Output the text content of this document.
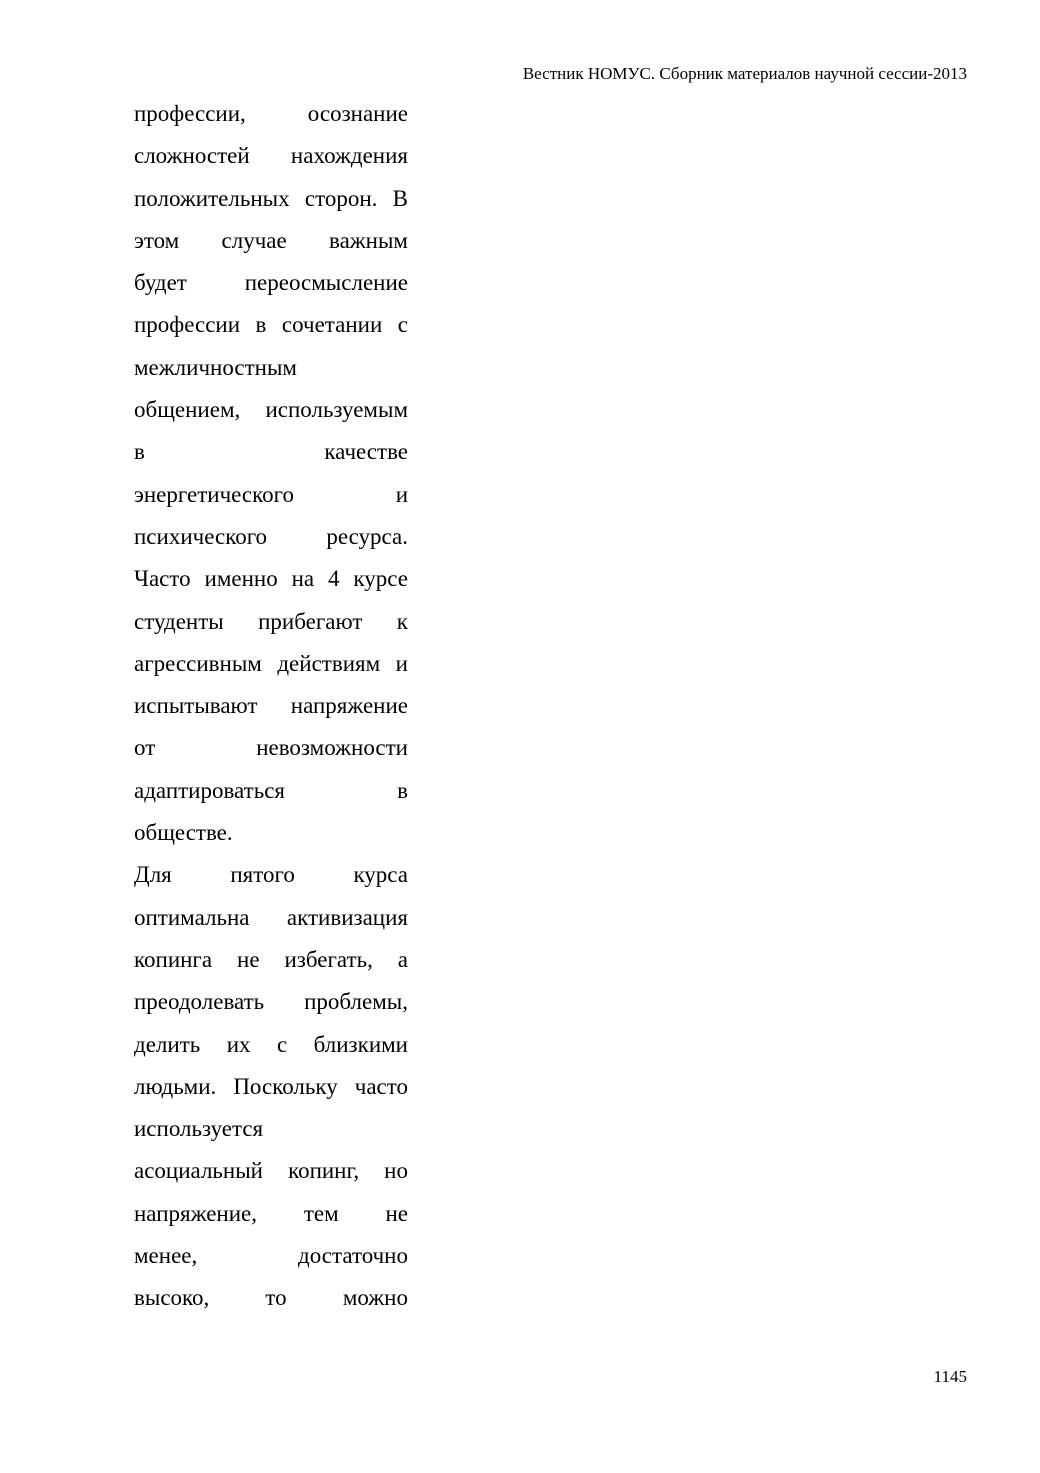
Вестник НОМУС. Сборник материалов научной сессии-2013
профессии,	осознание
сложностей нахождения
положительных сторон. В
этом случае важным
будет	переосмысление
профессии в сочетании с
межличностным
общением, используемым
в	качестве
энергетического	и
психического	ресурса.
Часто именно на 4 курсе
студенты прибегают к
агрессивным действиям и
испытывают напряжение
от	невозможности
адаптироваться	в
обществе.
Для	пятого	курса
оптимальна активизация
копинга не избегать, а
преодолевать проблемы,
делить их с близкими
людьми. Поскольку часто
используется
асоциальный копинг, но
напряжение, тем не
менее,	достаточно
высоко, то можно
1145
